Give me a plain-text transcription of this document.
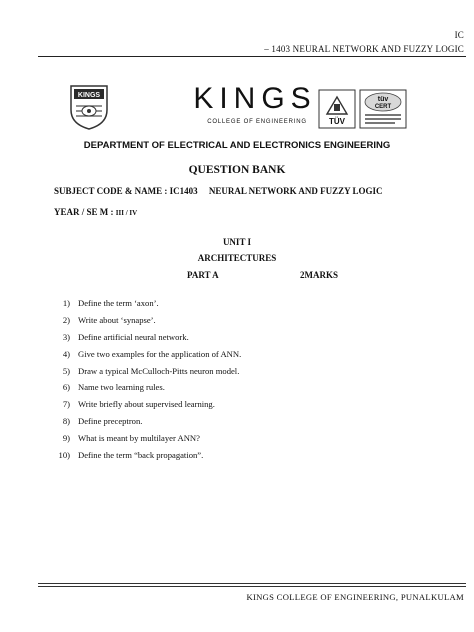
IC
– 1403 NEURAL NETWORK AND FUZZY LOGIC
KINGS	KINGS
COLLEGE OF ENGINEERING	TÜV
tüv
CERT
DEPARTMENT OF ELECTRICAL AND ELECTRONICS ENGINEERING
QUESTION BANK
SUBJECT CODE & NAME : IC1403     NEURAL NETWORK AND FUZZY LOGIC
YEAR / SE M : III / IV
UNIT I
ARCHITECTURES
PART A	2MARKS
1) Define the term ‘axon’.
2) Write about ‘synapse’.
3) Define artificial neural network.
4) Give two examples for the application of ANN.
5) Draw a typical McCulloch-Pitts neuron model.
6) Name two learning rules.
7) Write briefly about supervised learning.
8) Define preceptron.
9) What is meant by multilayer ANN?
10) Define the term “back propagation”.
KINGS COLLEGE OF ENGINEERING, PUNALKULAM
